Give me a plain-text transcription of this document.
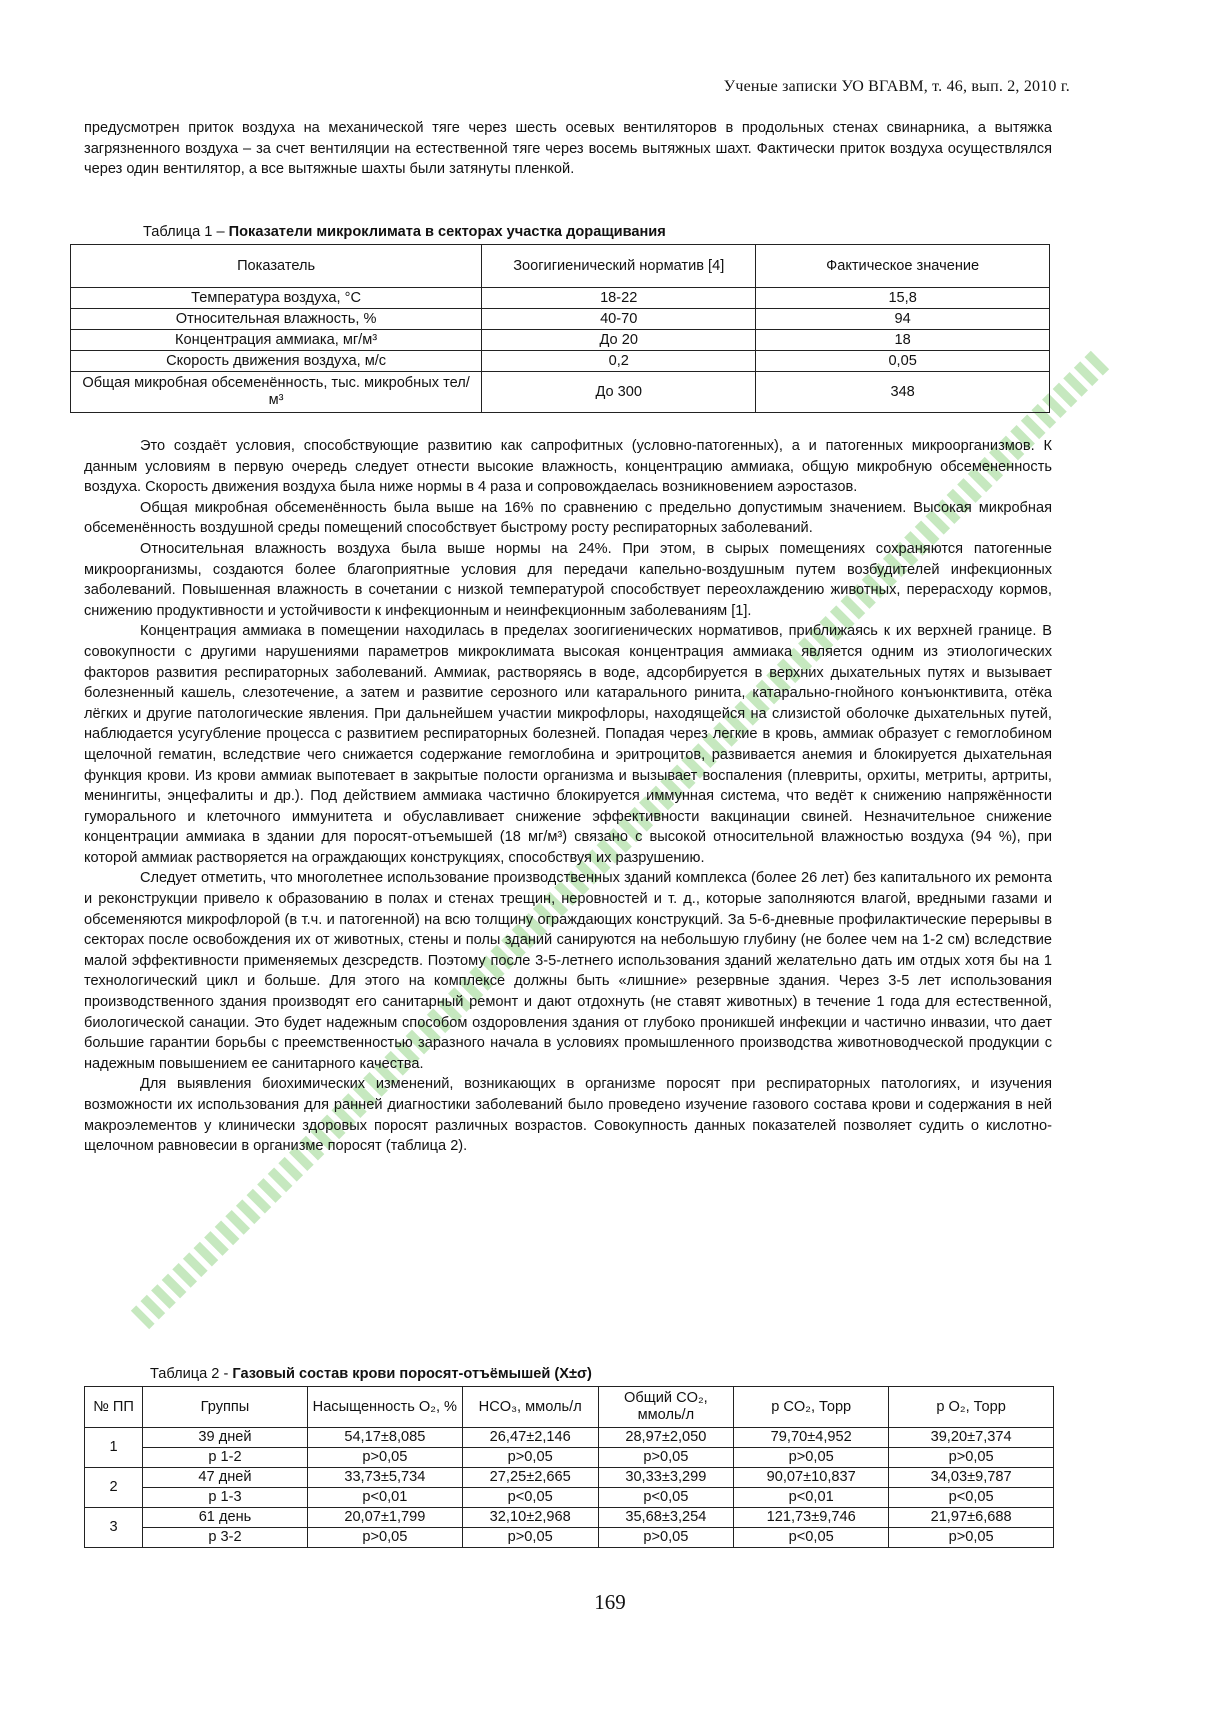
Ученые записки УО ВГАВМ, т. 46, вып. 2, 2010 г.

предусмотрен приток воздуха на механической тяге через шесть осевых вентиляторов в продольных стенах свинарника, а вытяжка загрязненного воздуха – за счет вентиляции на естественной тяге через восемь вытяжных шахт. Фактически приток воздуха осуществлялся через один вентилятор, а все вытяжные шахты были затянуты пленкой.

Таблица 1 – Показатели микроклимата в секторах участка доращивания
Показатель	Зоогигиенический норматив [4]	Фактическое значение
Температура воздуха, °С	18-22	15,8
Относительная влажность, %	40-70	94
Концентрация аммиака, мг/м³	До 20	18
Скорость движения воздуха, м/с	0,2	0,05
Общая микробная обсеменённость, тыс. микробных тел/м³	До 300	348

Это создаёт условия, способствующие развитию как сапрофитных (условно-патогенных), а и патогенных микроорганизмов. К данным условиям в первую очередь следует отнести высокие влажность, концентрацию аммиака, общую микробную обсемененность воздуха. Скорость движения воздуха была ниже нормы в 4 раза и сопровождаелась возникновением аэростазов.

Общая микробная обсеменённость была выше на 16% по сравнению с предельно допустимым значением. Высокая микробная обсеменённость воздушной среды помещений способствует быстрому росту респираторных заболеваний.

Относительная влажность воздуха была выше нормы на 24%. При этом, в сырых помещениях сохраняются патогенные микроорганизмы, создаются более благоприятные условия для передачи капельно-воздушным путем возбудителей инфекционных заболеваний. Повышенная влажность в сочетании с низкой температурой способствует переохлаждению животных, перерасходу кормов, снижению продуктивности и устойчивости к инфекционным и неинфекционным заболеваниям [1].

Концентрация аммиака в помещении находилась в пределах зоогигиенических нормативов, приближаясь к их верхней границе. В совокупности с другими нарушениями параметров микроклимата высокая концентрация аммиака является одним из этиологических факторов развития респираторных заболеваний. Аммиак, растворяясь в воде, адсорбируется в верхних дыхательных путях и вызывает болезненный кашель, слезотечение, а затем и развитие серозного или катарального ринита, катарально-гнойного конъюнктивита, отёка лёгких и другие патологические явления. При дальнейшем участии микрофлоры, находящейся на слизистой оболочке дыхательных путей, наблюдается усугубление процесса с развитием респираторных болезней. Попадая через легкие в кровь, аммиак образует с гемоглобином щелочной гематин, вследствие чего снижается содержание гемоглобина и эритроцитов, развивается анемия и блокируется дыхательная функция крови. Из крови аммиак выпотевает в закрытые полости организма и вызывает воспаления (плевриты, орхиты, метриты, артриты, менингиты, энцефалиты и др.). Под действием аммиака частично блокируется иммунная система, что ведёт к снижению напряжённости гуморального и клеточного иммунитета и обуславливает снижение эффективности вакцинации свиней. Незначительное снижение концентрации аммиака в здании для поросят-отъемышей (18 мг/м³) связано с высокой относительной влажностью воздуха (94 %), при которой аммиак растворяется на ограждающих конструкциях, способствуя их разрушению.

Следует отметить, что многолетнее использование производственных зданий комплекса (более 26 лет) без капитального их ремонта и реконструкции привело к образованию в полах и стенах трещин, неровностей и т. д., которые заполняются влагой, вредными газами и обсеменяются микрофлорой (в т.ч. и патогенной) на всю толщину ограждающих конструкций. За 5-6-дневные профилактические перерывы в секторах после освобождения их от животных, стены и полы зданий санируются на небольшую глубину (не более чем на 1-2 см) вследствие малой эффективности применяемых дезсредств. Поэтому после 3-5-летнего использования зданий желательно дать им отдых хотя бы на 1 технологический цикл и больше. Для этого на комплексе должны быть «лишние» резервные здания. Через 3-5 лет использования производственного здания производят его санитарный ремонт и дают отдохнуть (не ставят животных) в течение 1 года для естественной, биологической санации. Это будет надежным способом оздоровления здания от глубоко проникшей инфекции и частично инвазии, что дает большие гарантии борьбы с преемственностью заразного начала в условиях промышленного производства животноводческой продукции с надежным повышением ее санитарного качества.

Для выявления биохимических изменений, возникающих в организме поросят при респираторных патологиях, и изучения возможности их использования для ранней диагностики заболеваний было проведено изучение газового состава крови и содержания в ней макроэлементов у клинически здоровых поросят различных возрастов. Совокупность данных показателей позволяет судить о кислотно-щелочном равновесии в организме поросят (таблица 2).

Таблица 2 - Газовый состав крови поросят-отъёмышей (X±σ)
№ ПП	Группы	Насыщенность O₂, %	HCO₃, ммоль/л	Общий CO₂, ммоль/л	p CO₂, Торр	p O₂, Торр
1	39 дней	54,17±8,085	26,47±2,146	28,97±2,050	79,70±4,952	39,20±7,374
	р 1-2	p>0,05	p>0,05	p>0,05	p>0,05	p>0,05
2	47 дней	33,73±5,734	27,25±2,665	30,33±3,299	90,07±10,837	34,03±9,787
	р 1-3	p<0,01	p<0,05	p<0,05	p<0,01	p<0,05
3	61 день	20,07±1,799	32,10±2,968	35,68±3,254	121,73±9,746	21,97±6,688
	р 3-2	p>0,05	p>0,05	p>0,05	p<0,05	p>0,05
169
